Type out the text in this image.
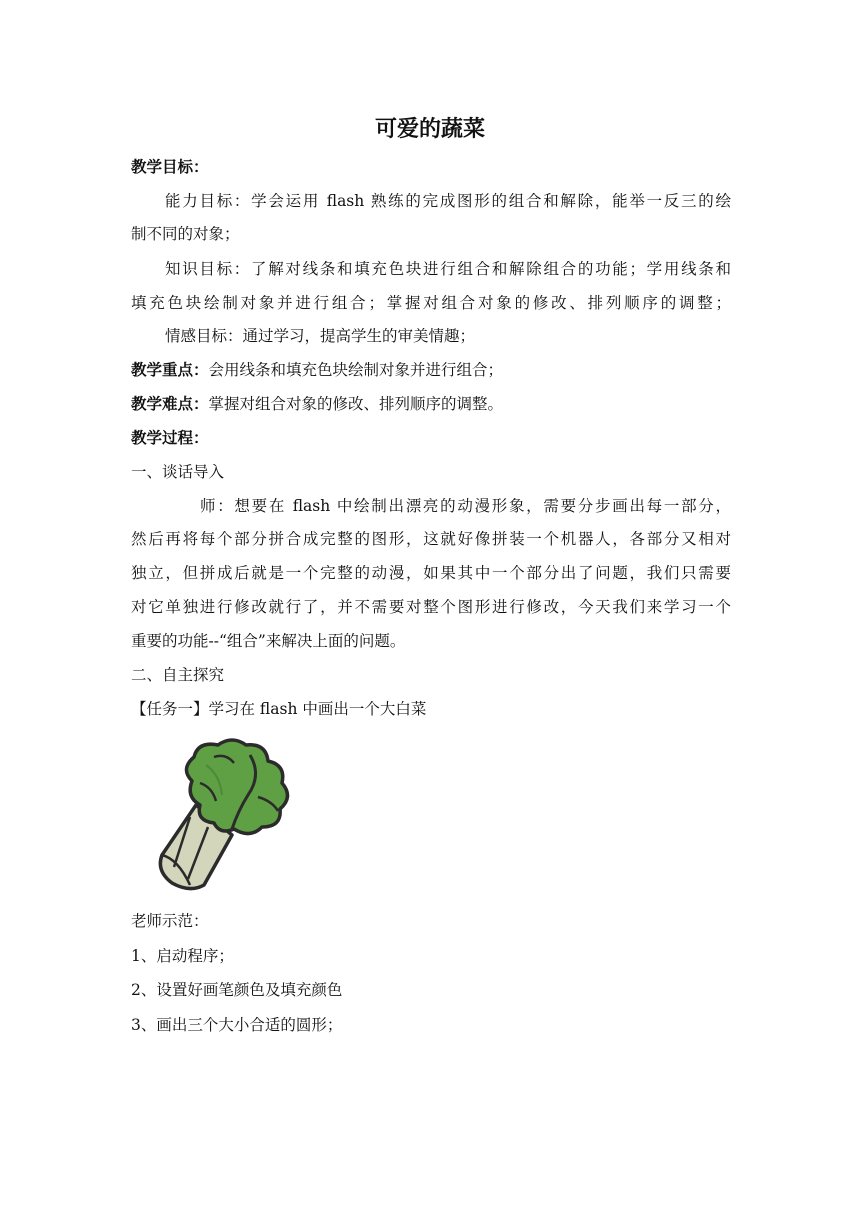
可爱的蔬菜
教学目标：
能力目标：学会运用 flash 熟练的完成图形的组合和解除，能举一反三的绘
制不同的对象；
知识目标：了解对线条和填充色块进行组合和解除组合的功能；学用线条和
填充色块绘制对象并进行组合；掌握对组合对象的修改、排列顺序的调整；
情感目标：通过学习，提高学生的审美情趣；
教学重点：会用线条和填充色块绘制对象并进行组合；
教学难点：掌握对组合对象的修改、排列顺序的调整。
教学过程：
一、谈话导入
师：想要在 flash 中绘制出漂亮的动漫形象，需要分步画出每一部分，
然后再将每个部分拼合成完整的图形，这就好像拼装一个机器人，各部分又相对
独立，但拼成后就是一个完整的动漫，如果其中一个部分出了问题，我们只需要
对它单独进行修改就行了，并不需要对整个图形进行修改，今天我们来学习一个
重要的功能--“组合”来解决上面的问题。
二、自主探究
【任务一】学习在 flash 中画出一个大白菜
老师示范：
1、启动程序；
2、设置好画笔颜色及填充颜色
3、画出三个大小合适的圆形；
